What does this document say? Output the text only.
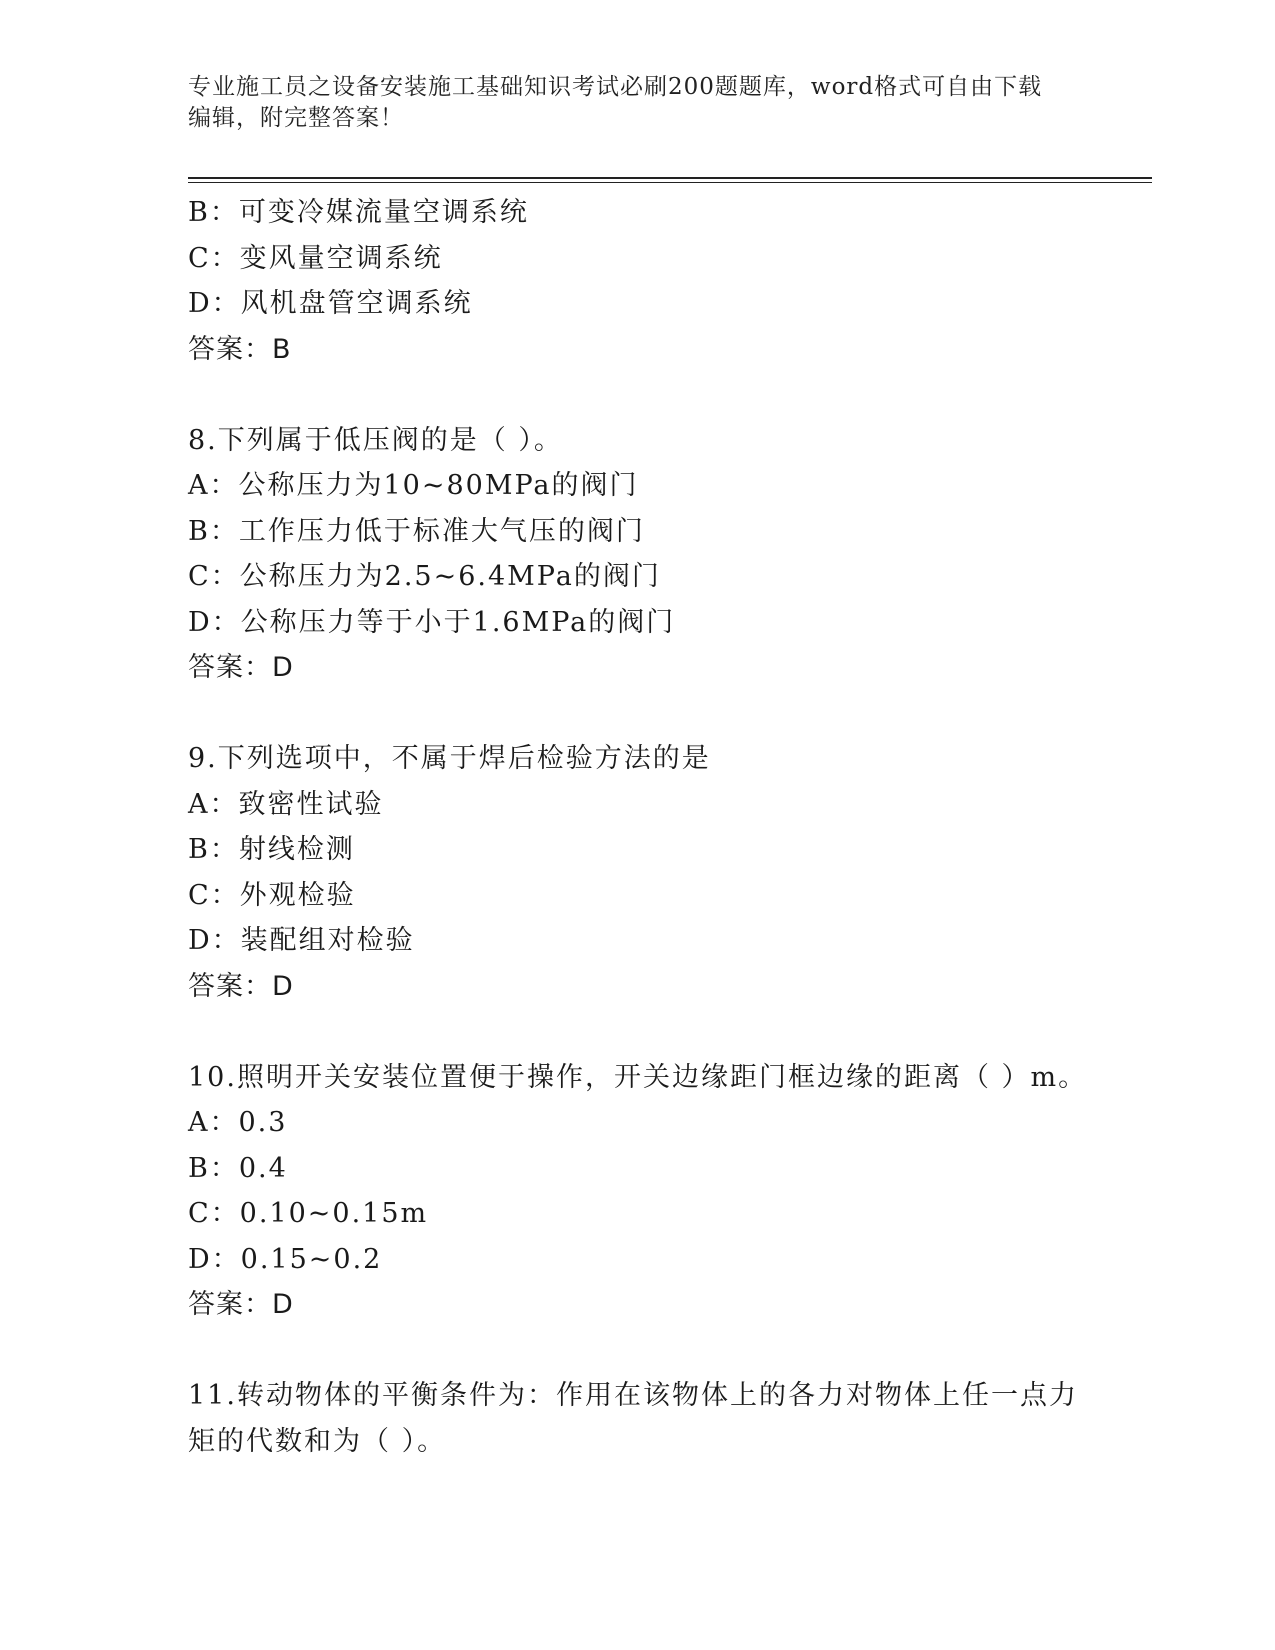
专业施工员之设备安装施工基础知识考试必刷200题题库，word格式可自由下载
编辑，附完整答案！
B：可变冷媒流量空调系统
C：变风量空调系统
D：风机盘管空调系统
答案：B
8.下列属于低压阀的是（ ）。
A：公称压力为10~80MPa的阀门
B：工作压力低于标准大气压的阀门
C：公称压力为2.5~6.4MPa的阀门
D：公称压力等于小于1.6MPa的阀门
答案：D
9.下列选项中，不属于焊后检验方法的是
A：致密性试验
B：射线检测
C：外观检验
D：装配组对检验
答案：D
10.照明开关安装位置便于操作，开关边缘距门框边缘的距离（ ）m。
A：0.3
B：0.4
C：0.10~0.15m
D：0.15~0.2
答案：D
11.转动物体的平衡条件为：作用在该物体上的各力对物体上任一点力
矩的代数和为（ ）。
